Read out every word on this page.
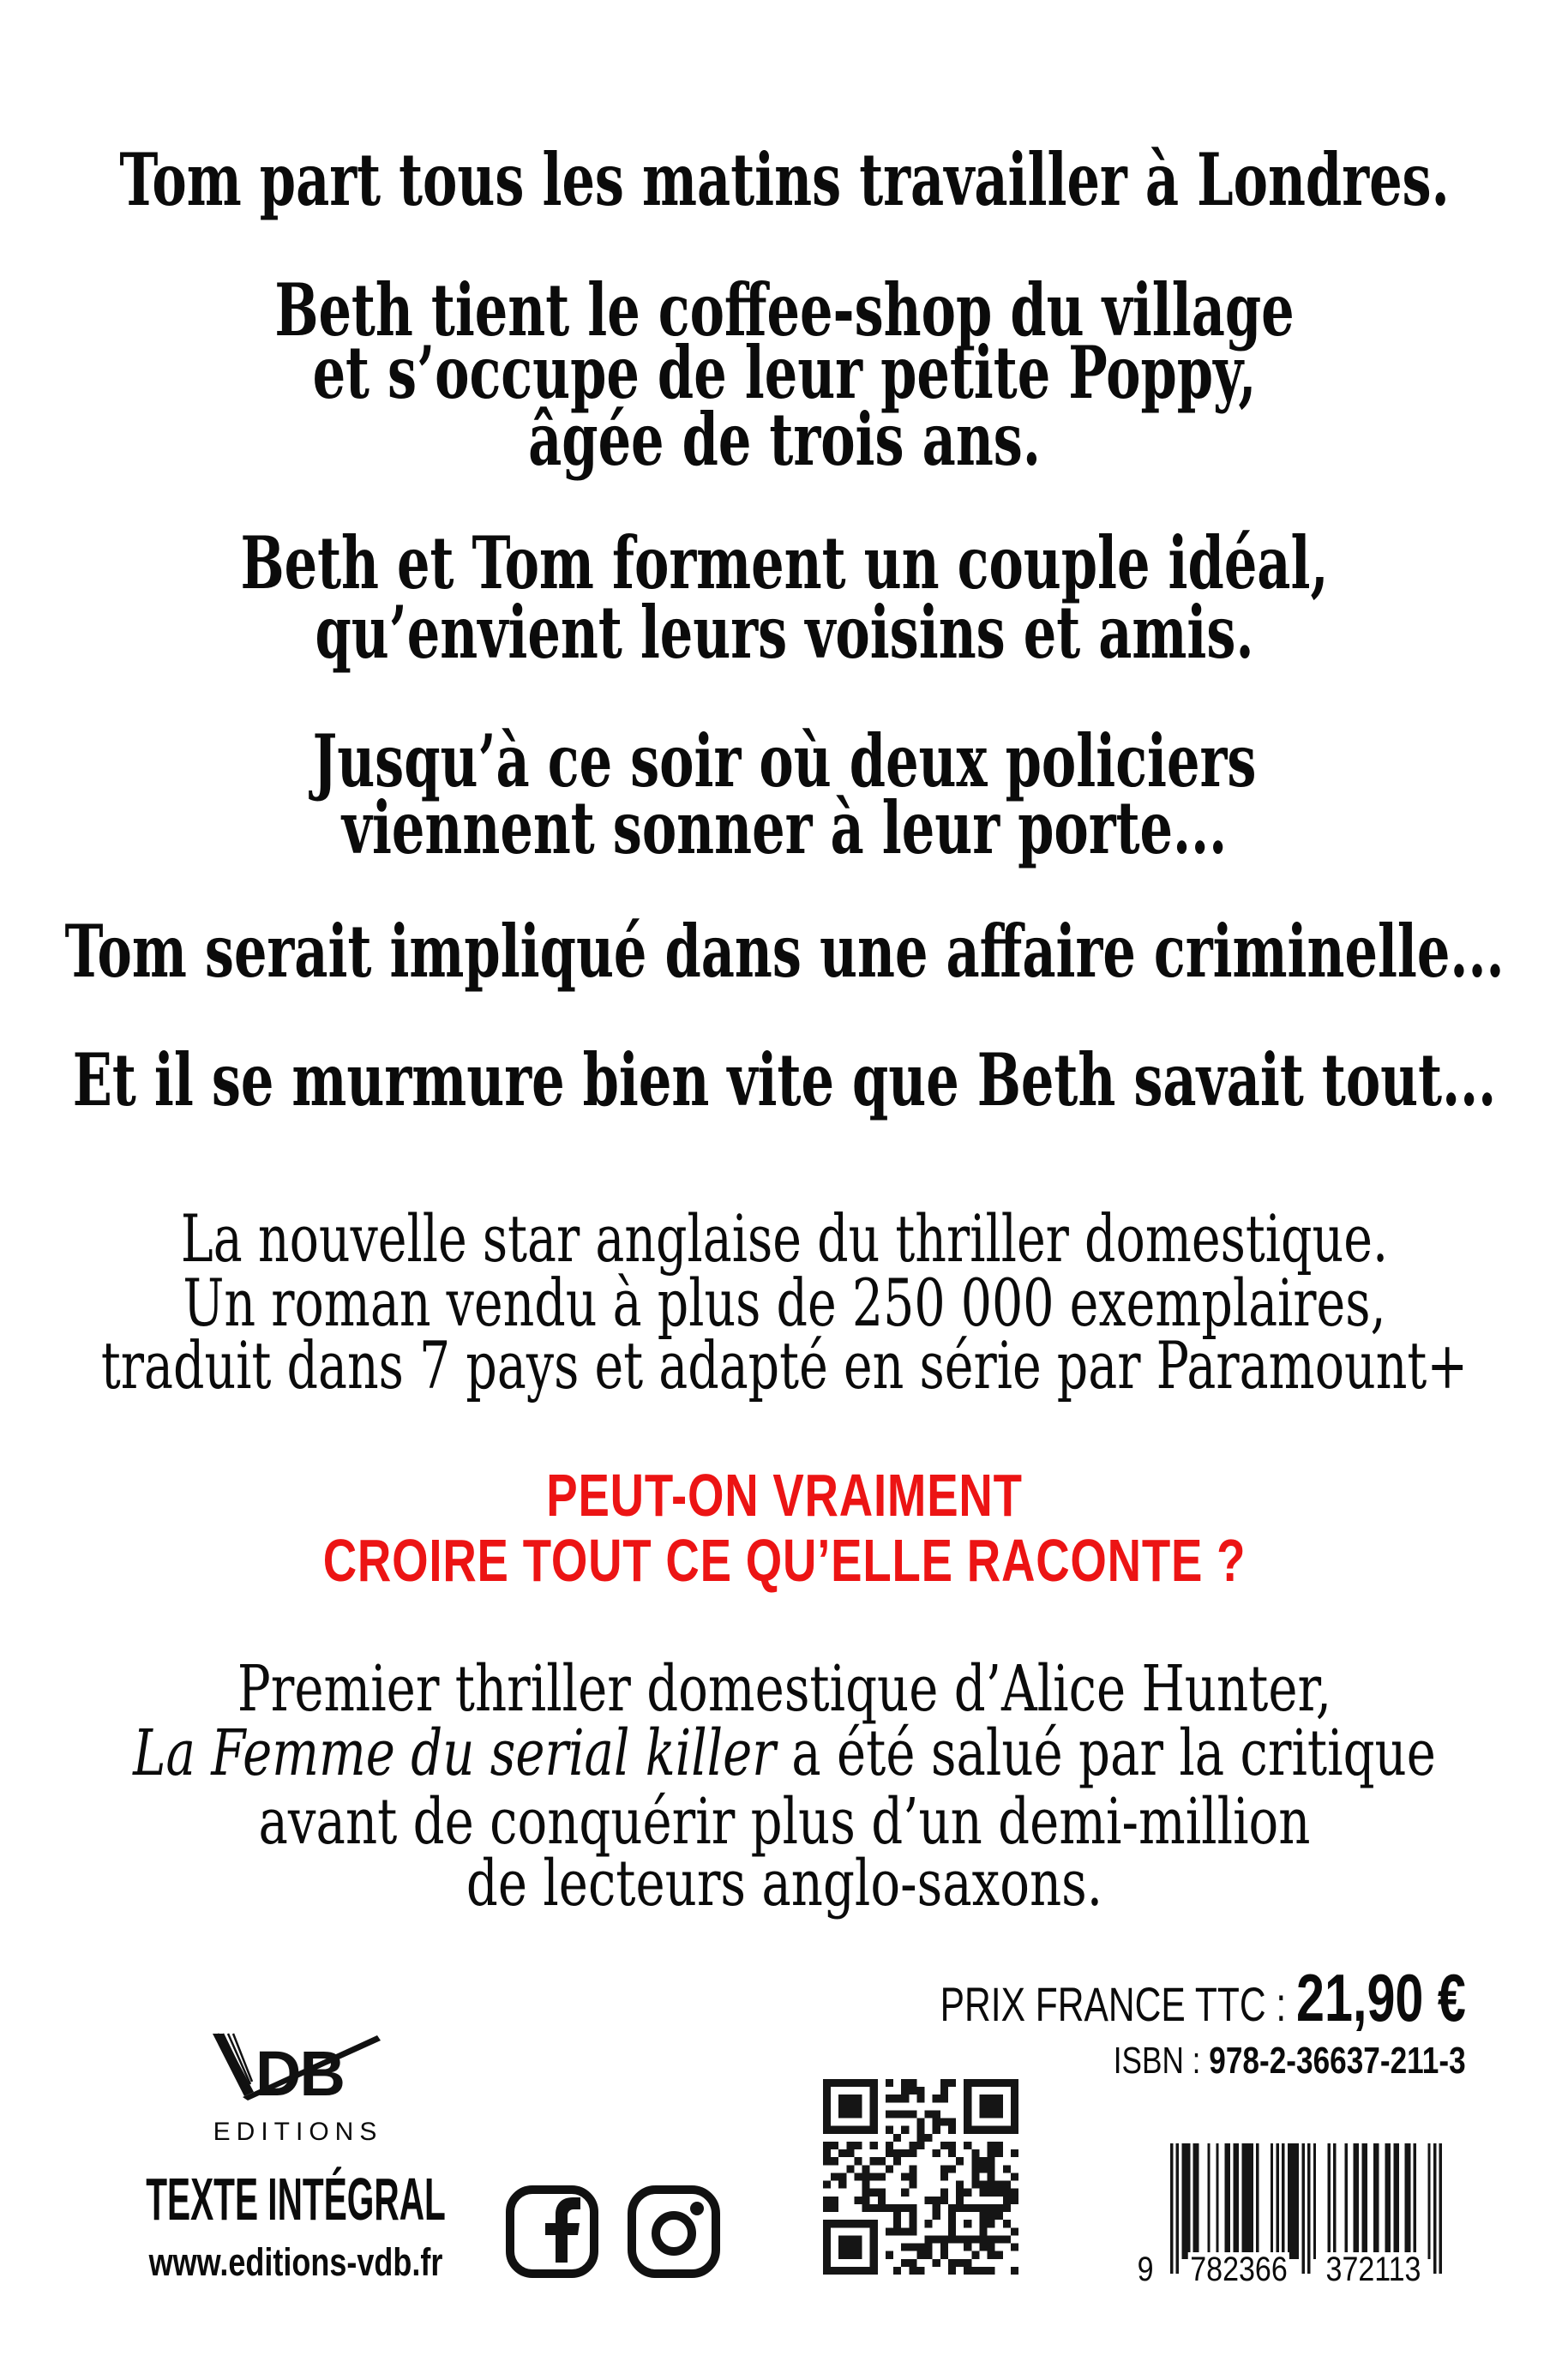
Tom part tous les matins travailler à Londres.
Beth tient le coffee-shop du village
et s’occupe de leur petite Poppy,
âgée de trois ans.
Beth et Tom forment un couple idéal,
qu’envient leurs voisins et amis.
Jusqu’à ce soir où deux policiers
viennent sonner à leur porte...
Tom serait impliqué dans une affaire criminelle...
Et il se murmure bien vite que Beth savait tout...
La nouvelle star anglaise du thriller domestique.
Un roman vendu à plus de 250 000 exemplaires,
traduit dans 7 pays et adapté en série par Paramount+
PEUT-ON VRAIMENT
CROIRE TOUT CE QU’ELLE RACONTE ?
Premier thriller domestique d’Alice Hunter,
La Femme du serial killer a été salué par la critique
avant de conquérir plus d’un demi-million
de lecteurs anglo-saxons.
PRIX FRANCE TTC : 21,90 €
ISBN : 978-2-36637-211-3
DB
EDITIONS
TEXTE INTÉGRAL
www.editions-vdb.fr	9 782366 372113
